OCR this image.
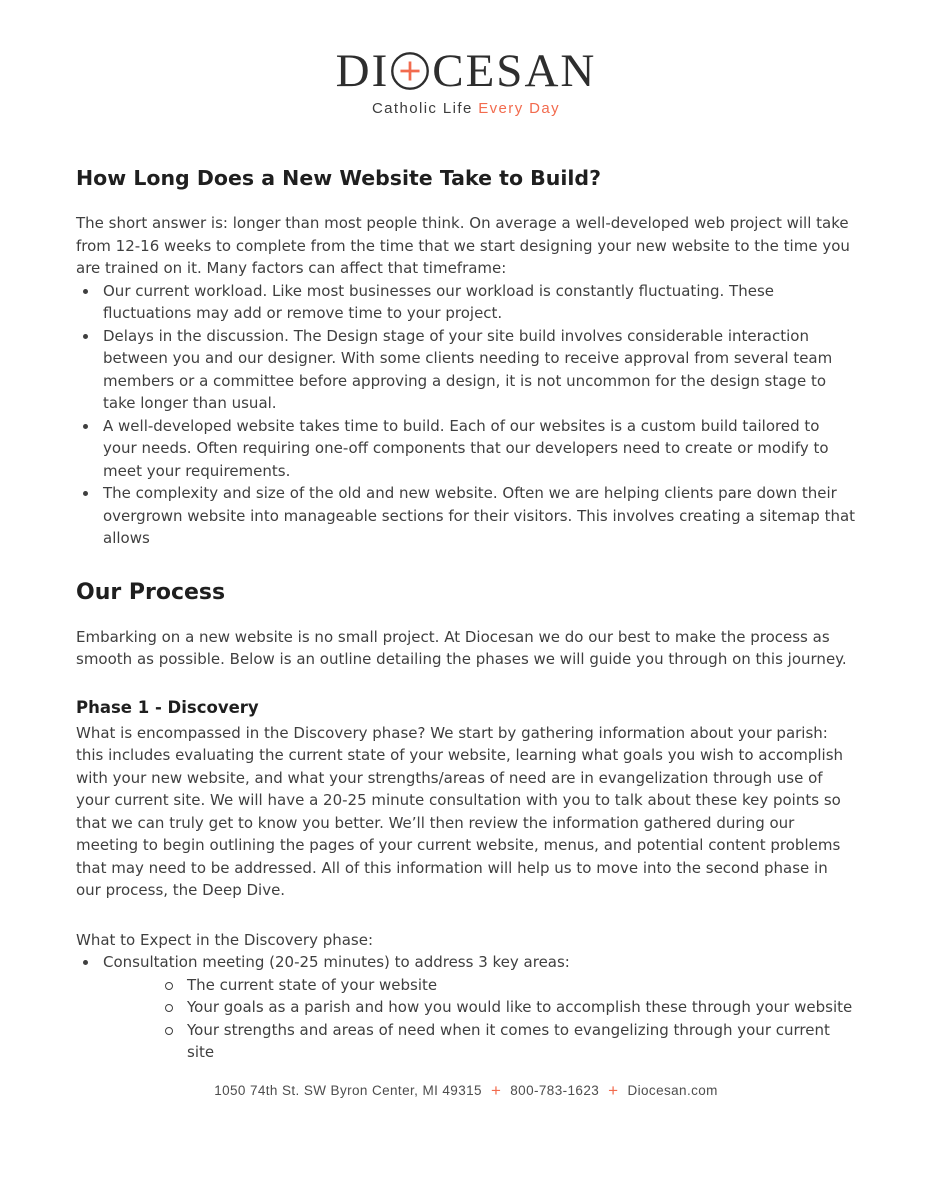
DI CESAN
Catholic Life Every Day
How Long Does a New Website Take to Build?

The short answer is: longer than most people think. On average a well-developed web project will take from 12-16 weeks to complete from the time that we start designing your new website to the time you are trained on it. Many factors can affect that timeframe:

Our current workload. Like most businesses our workload is constantly fluctuating. These fluctuations may add or remove time to your project.
Delays in the discussion. The Design stage of your site build involves considerable interaction between you and our designer. With some clients needing to receive approval from several team members or a committee before approving a design, it is not uncommon for the design stage to take longer than usual.
A well-developed website takes time to build. Each of our websites is a custom build tailored to your needs. Often requiring one-off components that our developers need to create or modify to meet your requirements.
The complexity and size of the old and new website. Often we are helping clients pare down their overgrown website into manageable sections for their visitors. This involves creating a sitemap that allows
Our Process

Embarking on a new website is no small project. At Diocesan we do our best to make the process as smooth as possible. Below is an outline detailing the phases we will guide you through on this journey.

Phase 1 - Discovery

What is encompassed in the Discovery phase? We start by gathering information about your parish: this includes evaluating the current state of your website, learning what goals you wish to accomplish with your new website, and what your strengths/areas of need are in evangelization through use of your current site. We will have a 20-25 minute consultation with you to talk about these key points so that we can truly get to know you better. We’ll then review the information gathered during our meeting to begin outlining the pages of your current website, menus, and potential content problems that may need to be addressed. All of this information will help us to move into the second phase in our process, the Deep Dive.

What to Expect in the Discovery phase:

Consultation meeting (20-25 minutes) to address 3 key areas:
The current state of your website
Your goals as a parish and how you would like to accomplish these through your website
Your strengths and areas of need when it comes to evangelizing through your current site
1050 74th St. SW Byron Center, MI 49315 + 800-783-1623 + Diocesan.com
